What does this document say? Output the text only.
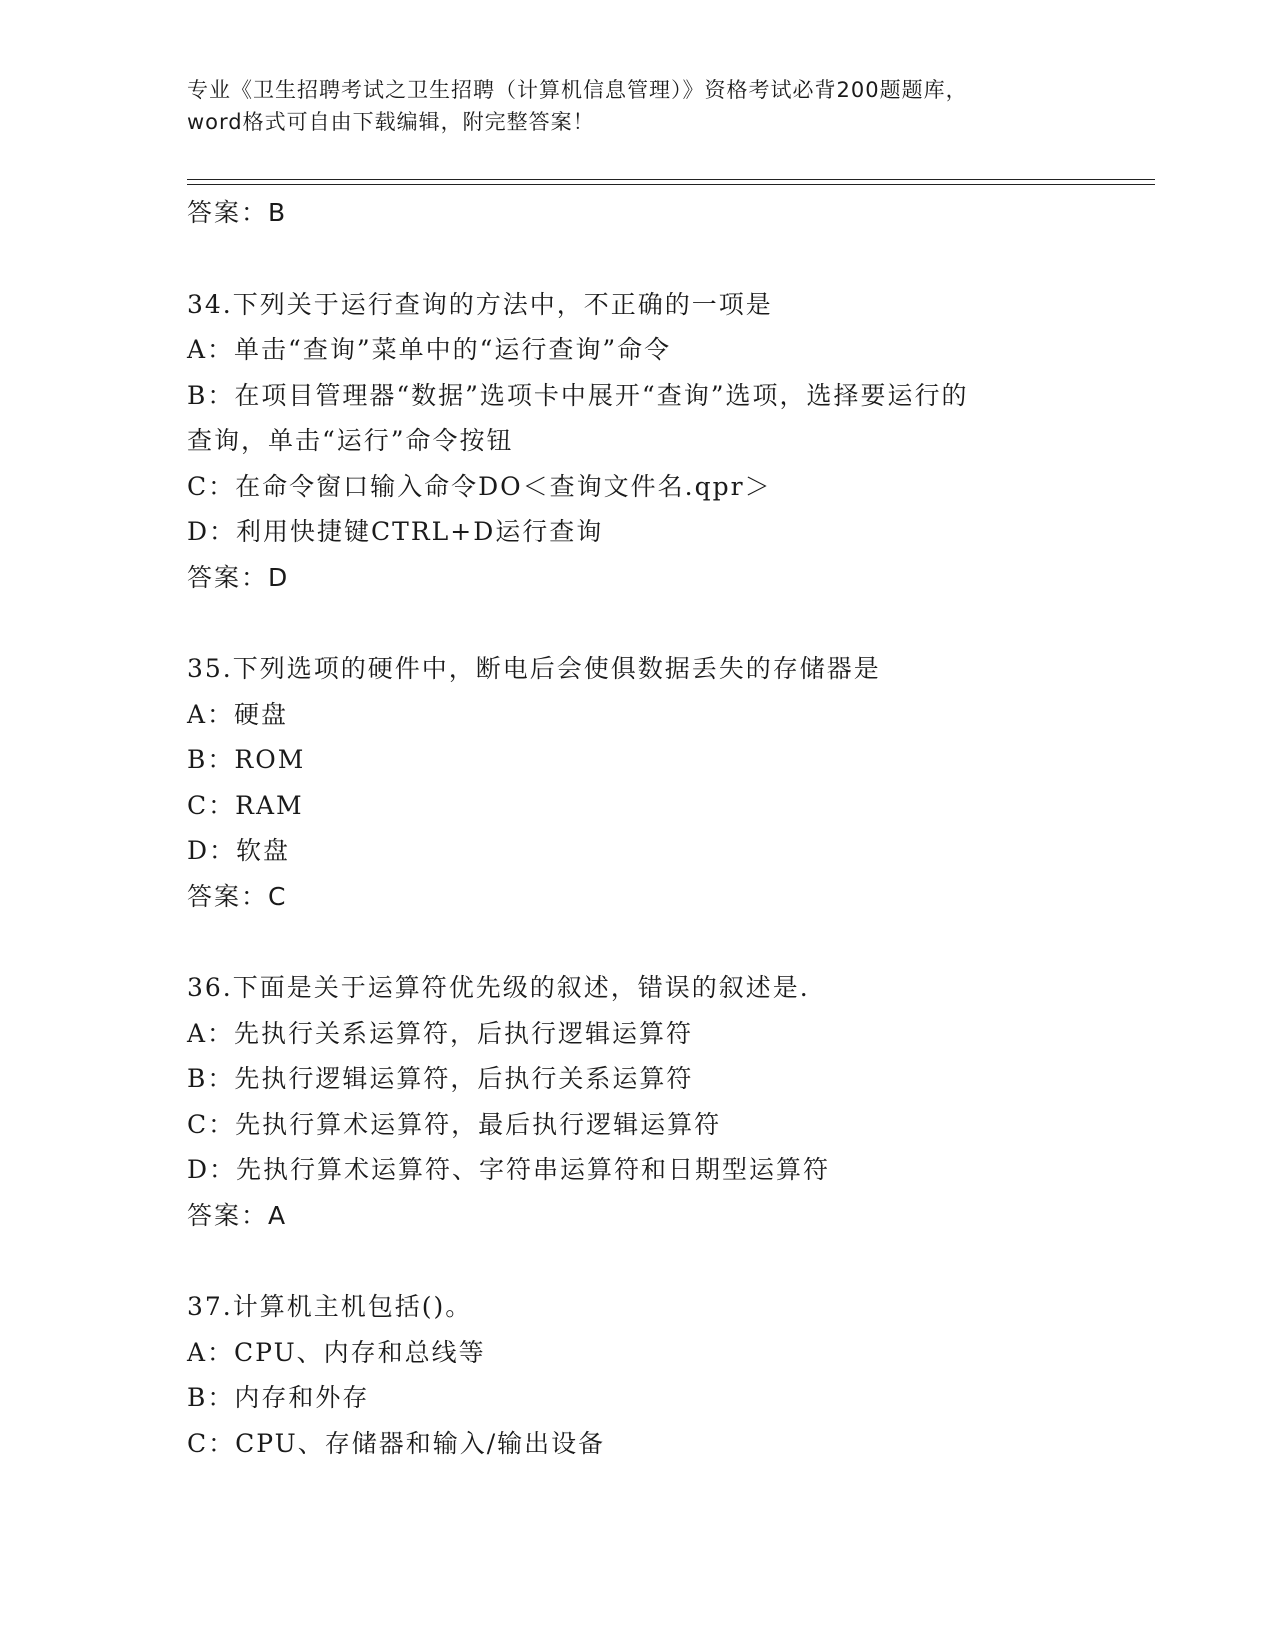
专业《卫生招聘考试之卫生招聘（计算机信息管理）》资格考试必背200题题库，
word格式可自由下载编辑，附完整答案！
答案：B
34.下列关于运行查询的方法中，不正确的一项是
A：单击“查询”菜单中的“运行查询”命令
B：在项目管理器“数据”选项卡中展开“查询”选项，选择要运行的
查询，单击“运行”命令按钮
C：在命令窗口输入命令DO＜查询文件名.qpr＞
D：利用快捷键CTRL+D运行查询
答案：D
35.下列选项的硬件中，断电后会使俱数据丢失的存储器是
A：硬盘
B：ROM
C：RAM
D：软盘
答案：C
36.下面是关于运算符优先级的叙述，错误的叙述是.
A：先执行关系运算符，后执行逻辑运算符
B：先执行逻辑运算符，后执行关系运算符
C：先执行算术运算符，最后执行逻辑运算符
D：先执行算术运算符、字符串运算符和日期型运算符
答案：A
37.计算机主机包括()。
A：CPU、内存和总线等
B：内存和外存
C：CPU、存储器和输入/输出设备
